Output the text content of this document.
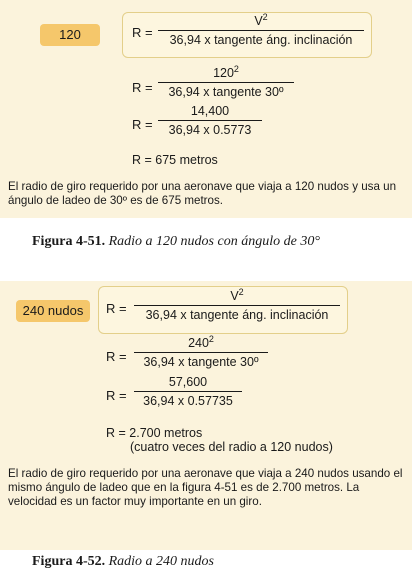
120	R =
$V^2$
36,94 x tangente áng. inclinación
R =
$120^2$
36,94 x tangente 30º
R =
14,400
36,94 x 0.5773
R = 675 metros
El radio de giro requerido por una aeronave que viaja a 120 nudos y usa un ángulo de ladeo de 30º es de 675 metros.
Figura 4-51. Radio a 120 nudos con ángulo de 30°
240 nudos	R =
$V^2$
36,94 x tangente áng. inclinación
R =
$240^2$
36,94 x tangente 30º
R =
57,600
36,94 x 0.57735
R = 2.700 metros
(cuatro veces del radio a 120 nudos)
El radio de giro requerido por una aeronave que viaja a 240 nudos usando el mismo ángulo de ladeo que en la figura 4-51 es de 2.700 metros. La velocidad es un factor muy importante en un giro.
Figura 4-52. Radio a 240 nudos
